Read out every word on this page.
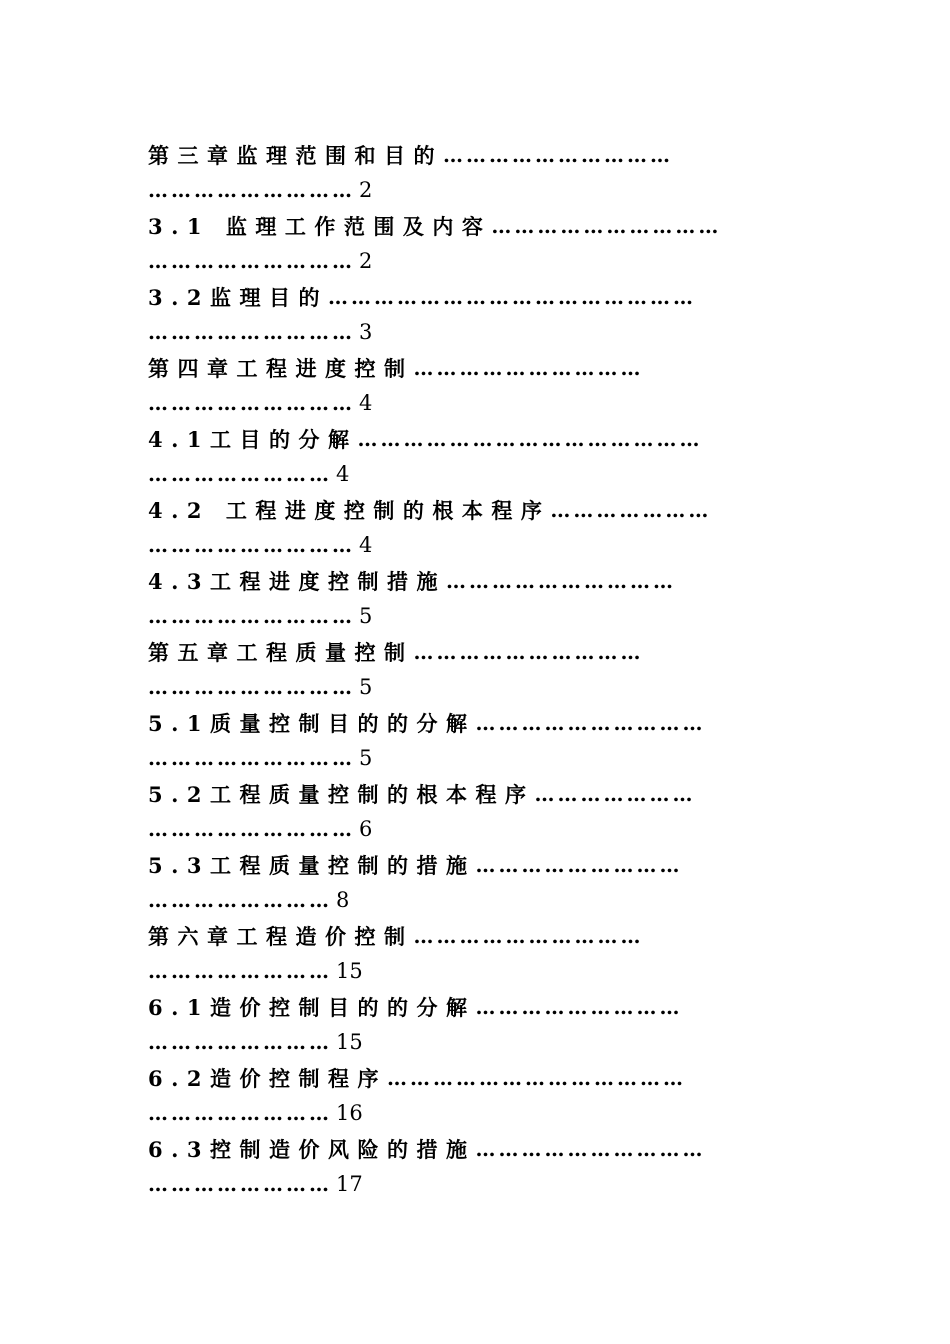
第三章监理范围和目的 …………………………
……………………… 2
3.1 监理工作范围及内容 …………………………
……………………… 2
3.2监理目的 …………………………………………
……………………… 3
第四章工程进度控制 …………………………
……………………… 4
4.1工目的分解 ………………………………………
…………………… 4
4.2 工程进度控制的根本程序 …………………
……………………… 4
4.3工程进度控制措施 …………………………
……………………… 5
第五章工程质量控制 …………………………
……………………… 5
5.1质量控制目的的分解 …………………………
……………………… 5
5.2工程质量控制的根本程序 …………………
……………………… 6
5.3工程质量控制的措施 ………………………
…………………… 8
第六章工程造价控制 …………………………
…………………… 15
6.1造价控制目的的分解 ………………………
…………………… 15
6.2造价控制程序 …………………………………
…………………… 16
6.3控制造价风险的措施 …………………………
…………………… 17
